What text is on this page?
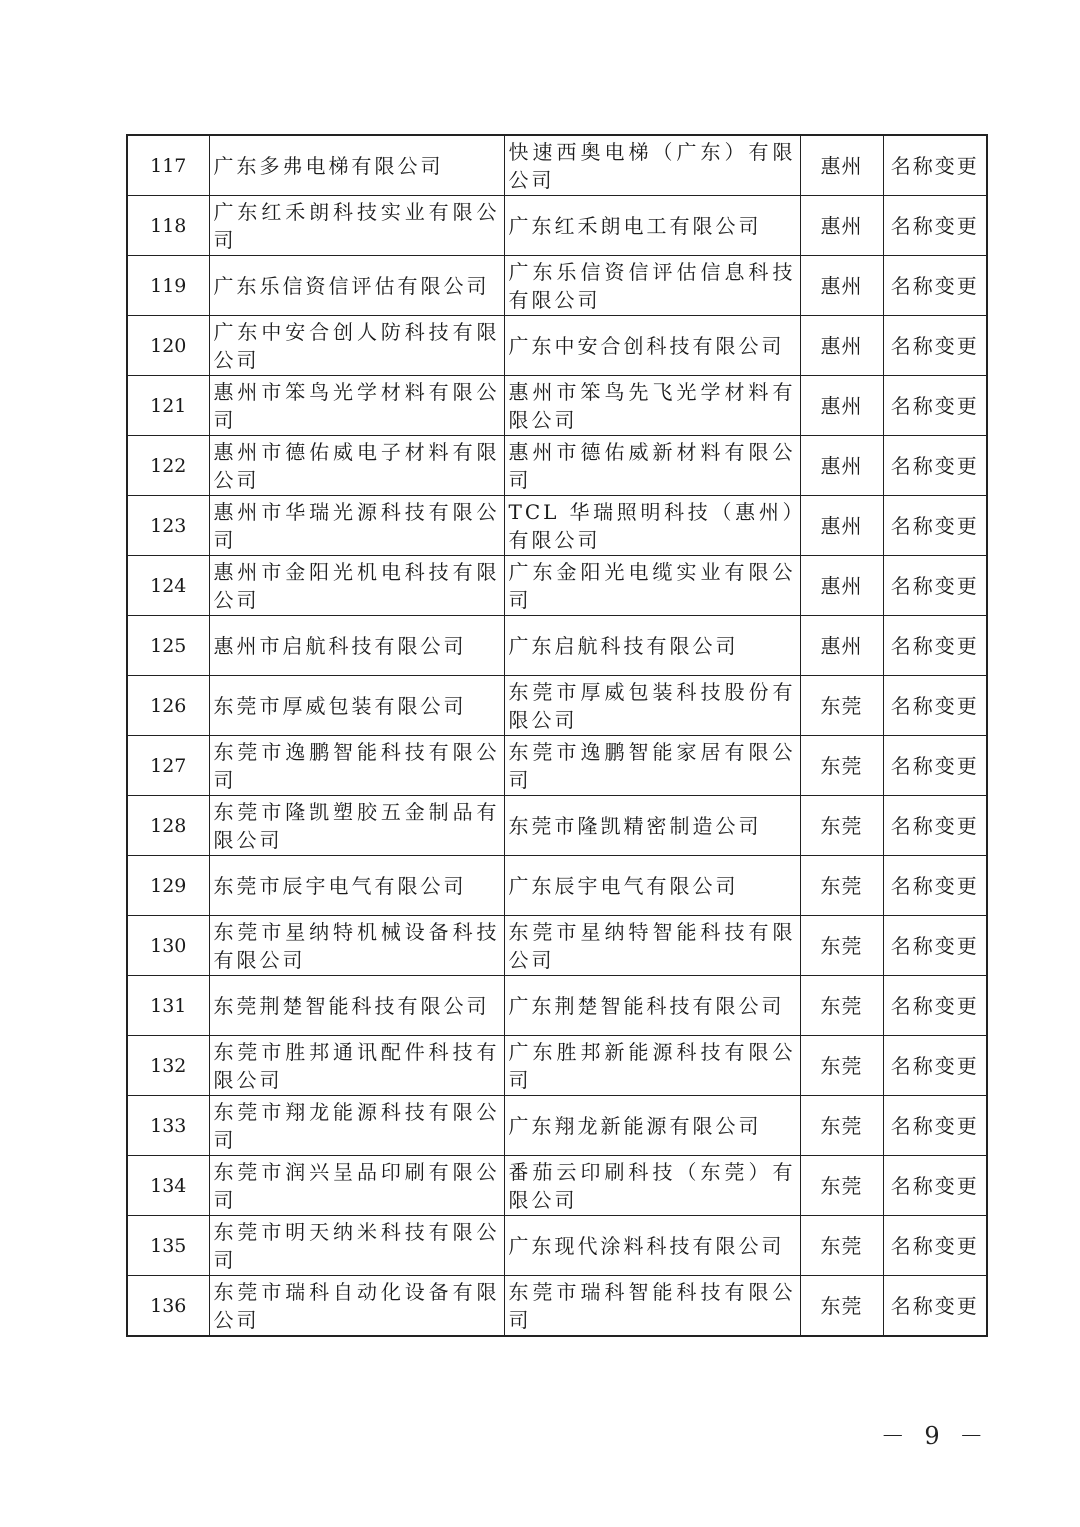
117	广东多弗电梯有限公司	快速西奥电梯（广东）有限公司	惠州	名称变更
118	广东红禾朗科技实业有限公司	广东红禾朗电工有限公司	惠州	名称变更
119	广东乐信资信评估有限公司	广东乐信资信评估信息科技有限公司	惠州	名称变更
120	广东中安合创人防科技有限公司	广东中安合创科技有限公司	惠州	名称变更
121	惠州市笨鸟光学材料有限公司	惠州市笨鸟先飞光学材料有限公司	惠州	名称变更
122	惠州市德佑威电子材料有限公司	惠州市德佑威新材料有限公司	惠州	名称变更
123	惠州市华瑞光源科技有限公司	TCL 华瑞照明科技（惠州）有限公司	惠州	名称变更
124	惠州市金阳光机电科技有限公司	广东金阳光电缆实业有限公司	惠州	名称变更
125	惠州市启航科技有限公司	广东启航科技有限公司	惠州	名称变更
126	东莞市厚威包装有限公司	东莞市厚威包装科技股份有限公司	东莞	名称变更
127	东莞市逸鹏智能科技有限公司	东莞市逸鹏智能家居有限公司	东莞	名称变更
128	东莞市隆凯塑胶五金制品有限公司	东莞市隆凯精密制造公司	东莞	名称变更
129	东莞市辰宇电气有限公司	广东辰宇电气有限公司	东莞	名称变更
130	东莞市星纳特机械设备科技有限公司	东莞市星纳特智能科技有限公司	东莞	名称变更
131	东莞荆楚智能科技有限公司	广东荆楚智能科技有限公司	东莞	名称变更
132	东莞市胜邦通讯配件科技有限公司	广东胜邦新能源科技有限公司	东莞	名称变更
133	东莞市翔龙能源科技有限公司	广东翔龙新能源有限公司	东莞	名称变更
134	东莞市润兴呈品印刷有限公司	番茄云印刷科技（东莞）有限公司	东莞	名称变更
135	东莞市明天纳米科技有限公司	广东现代涂料科技有限公司	东莞	名称变更
136	东莞市瑞科自动化设备有限公司	东莞市瑞科智能科技有限公司	东莞	名称变更
－ 9 －
